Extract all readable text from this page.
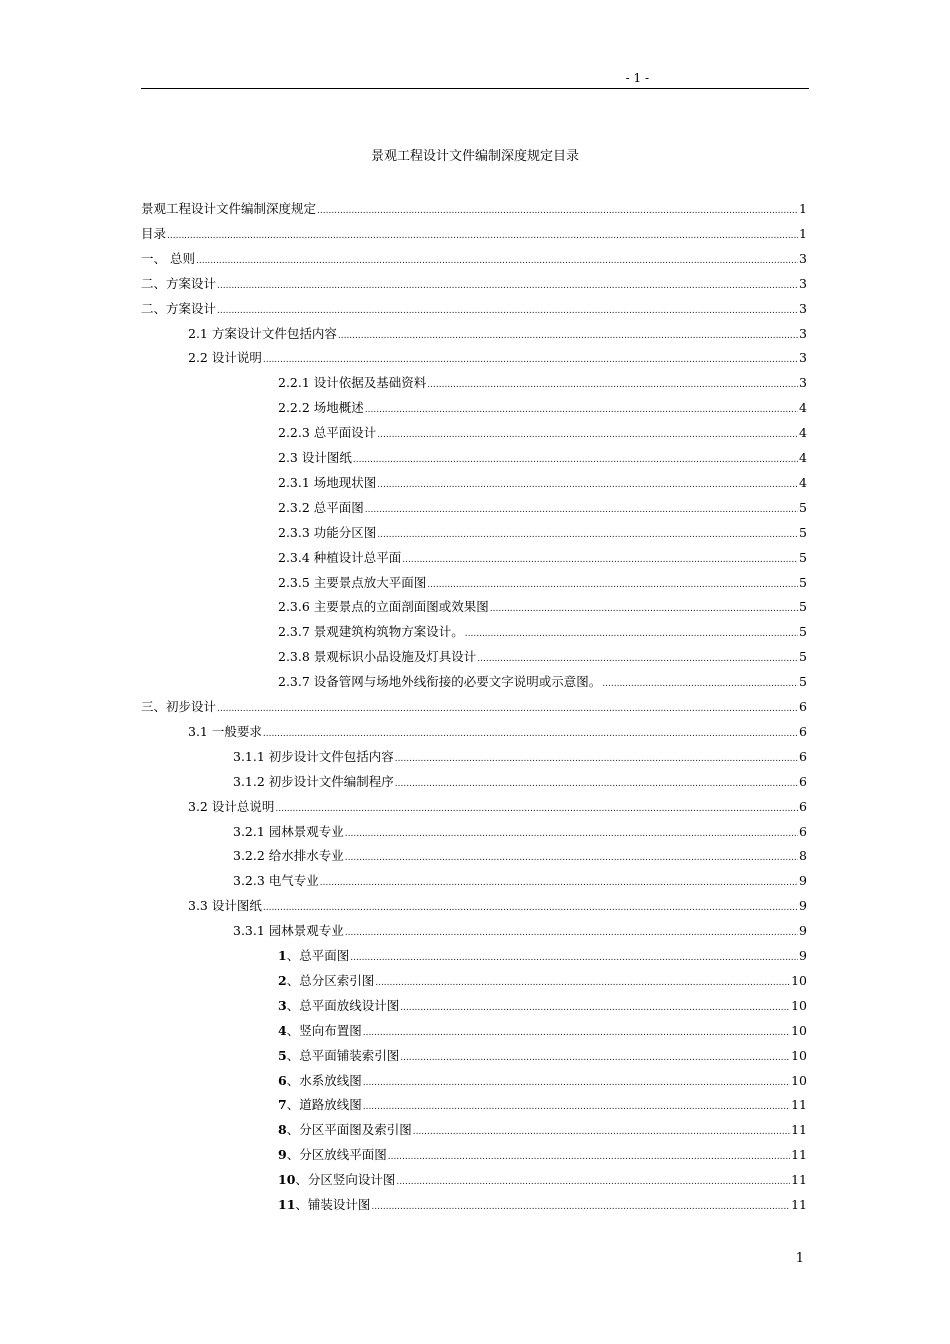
- 1 -
景观工程设计文件编制深度规定目录
景观工程设计文件编制深度规定 .....	1
目录 .....	1
一、 总则 .....	3
二、方案设计 .....	3
二、方案设计 .....	3
2.1 方案设计文件包括内容 .....	3
2.2 设计说明 .....	3
2.2.1 设计依据及基础资料 .....	3
2.2.2 场地概述 .....	4
2.2.3 总平面设计 .....	4
2.3 设计图纸 .....	4
2.3.1 场地现状图 .....	4
2.3.2 总平面图 .....	5
2.3.3 功能分区图 .....	5
2.3.4 种植设计总平面 .....	5
2.3.5 主要景点放大平面图 .....	5
2.3.6 主要景点的立面剖面图或效果图 .....	5
2.3.7 景观建筑构筑物方案设计。 .....	5
2.3.8 景观标识小品设施及灯具设计 .....	5
2.3.7 设备管网与场地外线衔接的必要文字说明或示意图。 .....	5
三、初步设计 .....	6
3.1 一般要求 .....	6
3.1.1 初步设计文件包括内容 .....	6
3.1.2 初步设计文件编制程序 .....	6
3.2 设计总说明 .....	6
3.2.1 园林景观专业 .....	6
3.2.2 给水排水专业 .....	8
3.2.3 电气专业 .....	9
3.3 设计图纸 .....	9
3.3.1 园林景观专业 .....	9
1、总平面图 .....	9
2、总分区索引图 .....	10
3、总平面放线设计图 .....	10
4、竖向布置图 .....	10
5、总平面铺装索引图 .....	10
6、水系放线图 .....	10
7、道路放线图 .....	11
8、分区平面图及索引图 .....	11
9、分区放线平面图 .....	11
10、分区竖向设计图 .....	11
11、铺装设计图 .....	11
1
